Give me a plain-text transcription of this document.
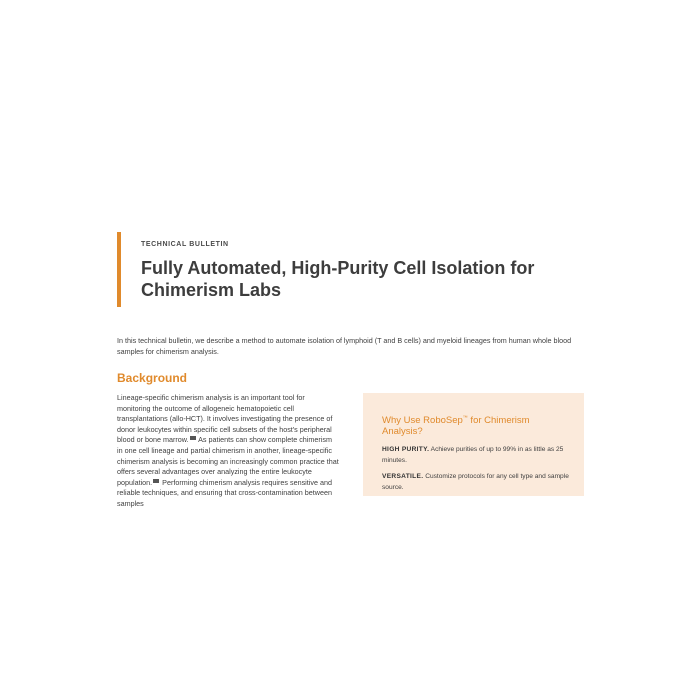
TECHNICAL BULLETIN
Fully Automated, High-Purity Cell Isolation for Chimerism Labs
In this technical bulletin, we describe a method to automate isolation of lymphoid (T and B cells) and myeloid lineages from human whole blood samples for chimerism analysis.
Background
Lineage-specific chimerism analysis is an important tool for monitoring the outcome of allogeneic hematopoietic cell transplantations (allo-HCT). It involves investigating the presence of donor leukocytes within specific cell subsets of the host's peripheral blood or bone marrow. As patients can show complete chimerism in one cell lineage and partial chimerism in another, lineage-specific chimerism analysis is becoming an increasingly common practice that offers several advantages over analyzing the entire leukocyte population. Performing chimerism analysis requires sensitive and reliable techniques, and ensuring that cross-contamination between samples
Why Use RoboSep™ for Chimerism Analysis?
HIGH PURITY. Achieve purities of up to 99% in as little as 25 minutes.
VERSATILE. Customize protocols for any cell type and sample source.
